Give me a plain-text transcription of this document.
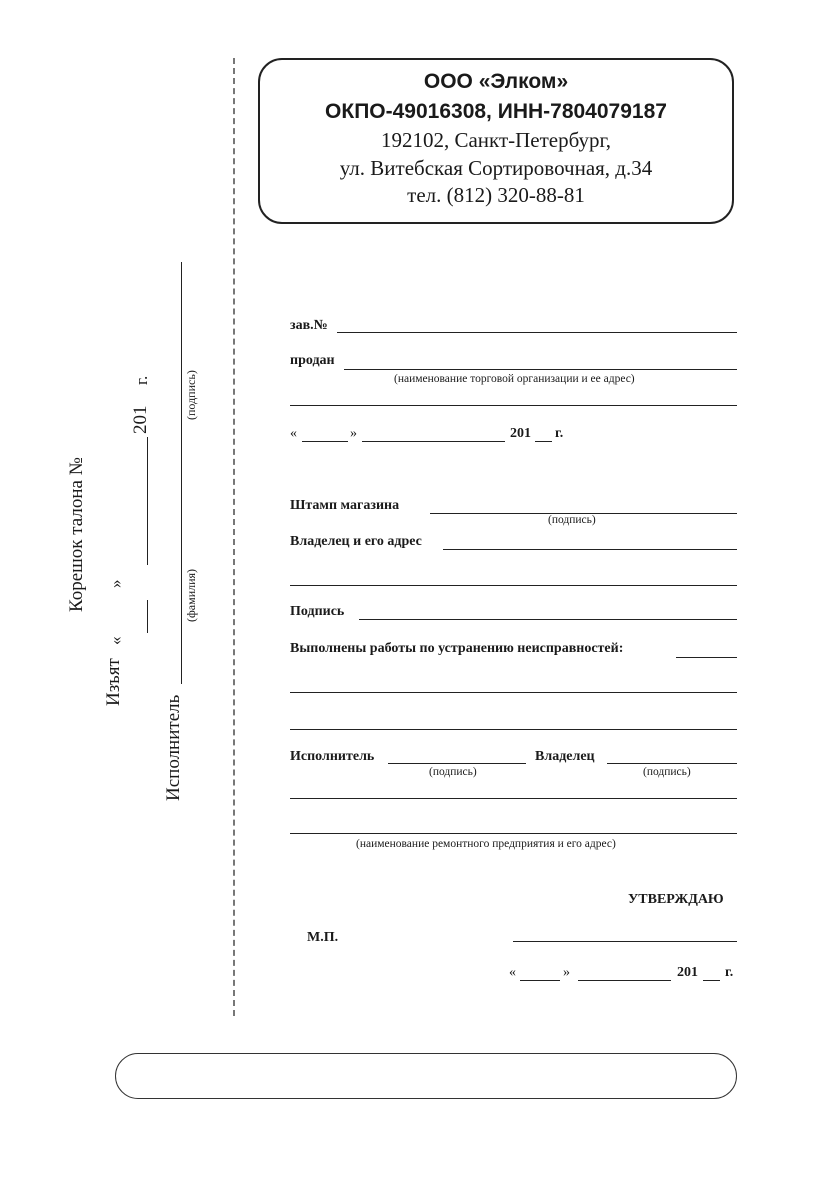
ООО «Элком»
ОКПО-49016308, ИНН-7804079187
192102, Санкт-Петербург,
ул. Витебская Сортировочная, д.34
тел. (812) 320-88-81
Корешок талона №
Изъят
«
»
201
г.
Исполнитель
(фамилия)
(подпись)
зав.№
продан
(наименование торговой организации и ее адрес)
«	»	201 г.
Штамп магазина
(подпись)
Владелец и его адрес
Подпись
Выполнены работы по устранению неисправностей:
Исполнитель
(подпись)
Владелец
(подпись)
(наименование ремонтного предприятия и его адрес)
УТВЕРЖДАЮ
М.П.
«	»	201 г.
